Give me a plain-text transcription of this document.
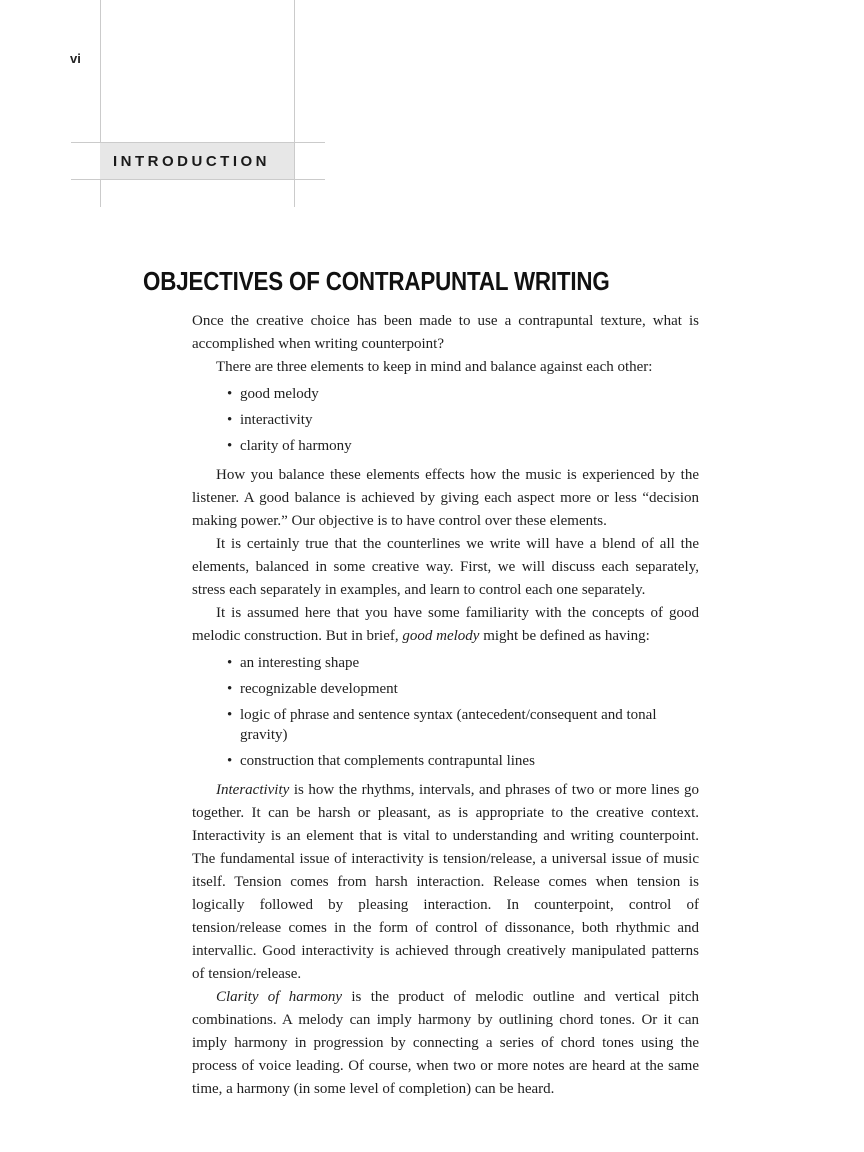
vi
INTRODUCTION
OBJECTIVES OF CONTRAPUNTAL WRITING

Once the creative choice has been made to use a contrapuntal texture, what is accomplished when writing counterpoint?

There are three elements to keep in mind and balance against each other:

• good melody
• interactivity
• clarity of harmony

How you balance these elements effects how the music is experienced by the listener. A good balance is achieved by giving each aspect more or less “decision making power.” Our objective is to have control over these elements.

It is certainly true that the counterlines we write will have a blend of all the elements, balanced in some creative way. First, we will discuss each separately, stress each separately in examples, and learn to control each one separately.

It is assumed here that you have some familiarity with the concepts of good melodic construction. But in brief, good melody might be defined as having:

• an interesting shape
• recognizable development
• logic of phrase and sentence syntax (antecedent/consequent and tonal gravity)
• construction that complements contrapuntal lines

Interactivity is how the rhythms, intervals, and phrases of two or more lines go together. It can be harsh or pleasant, as is appropriate to the creative context. Interactivity is an element that is vital to understanding and writing counterpoint. The fundamental issue of interactivity is tension/release, a universal issue of music itself. Tension comes from harsh interaction. Release comes when tension is logically followed by pleasing interaction. In counterpoint, control of tension/release comes in the form of control of dissonance, both rhythmic and intervallic. Good interactivity is achieved through creatively manipulated patterns of tension/release.

Clarity of harmony is the product of melodic outline and vertical pitch combinations. A melody can imply harmony by outlining chord tones. Or it can imply harmony in progression by connecting a series of chord tones using the process of voice leading. Of course, when two or more notes are heard at the same time, a harmony (in some level of completion) can be heard.
